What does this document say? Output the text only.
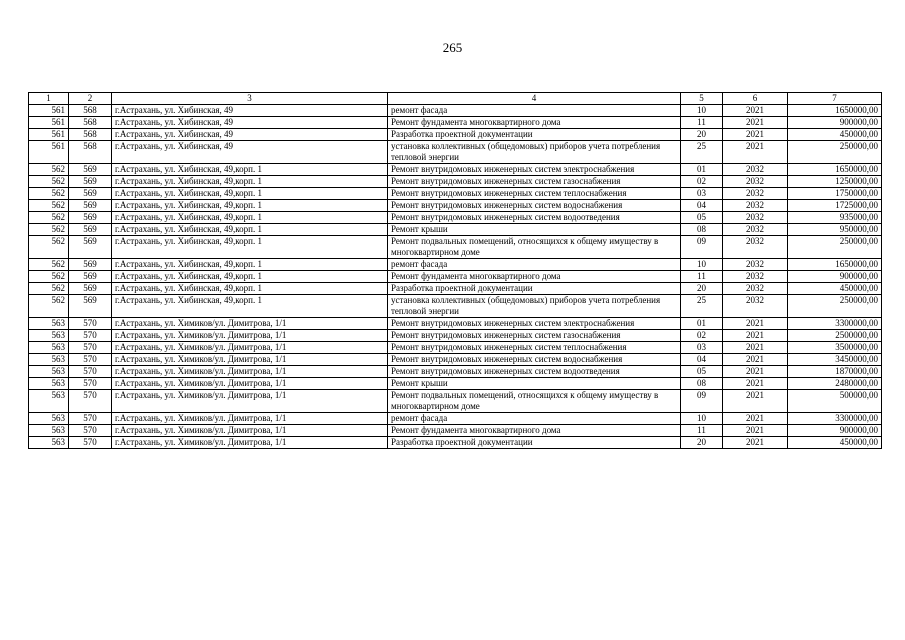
265
1	2	3	4	5	6	7
561	568	г.Астрахань, ул. Хибинская, 49	ремонт фасада	10	2021	1650000,00
561	568	г.Астрахань, ул. Хибинская, 49	Ремонт фундамента многоквартирного дома	11	2021	900000,00
561	568	г.Астрахань, ул. Хибинская, 49	Разработка проектной документации	20	2021	450000,00
561	568	г.Астрахань, ул. Хибинская, 49	установка коллективных (общедомовых) приборов учета потребления тепловой энергии	25	2021	250000,00
562	569	г.Астрахань, ул. Хибинская, 49,корп. 1	Ремонт внутридомовых инженерных систем электроснабжения	01	2032	1650000,00
562	569	г.Астрахань, ул. Хибинская, 49,корп. 1	Ремонт внутридомовых инженерных систем газоснабжения	02	2032	1250000,00
562	569	г.Астрахань, ул. Хибинская, 49,корп. 1	Ремонт внутридомовых инженерных систем теплоснабжения	03	2032	1750000,00
562	569	г.Астрахань, ул. Хибинская, 49,корп. 1	Ремонт внутридомовых инженерных систем водоснабжения	04	2032	1725000,00
562	569	г.Астрахань, ул. Хибинская, 49,корп. 1	Ремонт внутридомовых инженерных систем водоотведения	05	2032	935000,00
562	569	г.Астрахань, ул. Хибинская, 49,корп. 1	Ремонт крыши	08	2032	950000,00
562	569	г.Астрахань, ул. Хибинская, 49,корп. 1	Ремонт подвальных помещений, относящихся к общему имуществу в многоквартирном доме	09	2032	250000,00
562	569	г.Астрахань, ул. Хибинская, 49,корп. 1	ремонт фасада	10	2032	1650000,00
562	569	г.Астрахань, ул. Хибинская, 49,корп. 1	Ремонт фундамента многоквартирного дома	11	2032	900000,00
562	569	г.Астрахань, ул. Хибинская, 49,корп. 1	Разработка проектной документации	20	2032	450000,00
562	569	г.Астрахань, ул. Хибинская, 49,корп. 1	установка коллективных (общедомовых) приборов учета потребления тепловой энергии	25	2032	250000,00
563	570	г.Астрахань, ул. Химиков/ул. Димитрова, 1/1	Ремонт внутридомовых инженерных систем электроснабжения	01	2021	3300000,00
563	570	г.Астрахань, ул. Химиков/ул. Димитрова, 1/1	Ремонт внутридомовых инженерных систем газоснабжения	02	2021	2500000,00
563	570	г.Астрахань, ул. Химиков/ул. Димитрова, 1/1	Ремонт внутридомовых инженерных систем теплоснабжения	03	2021	3500000,00
563	570	г.Астрахань, ул. Химиков/ул. Димитрова, 1/1	Ремонт внутридомовых инженерных систем водоснабжения	04	2021	3450000,00
563	570	г.Астрахань, ул. Химиков/ул. Димитрова, 1/1	Ремонт внутридомовых инженерных систем водоотведения	05	2021	1870000,00
563	570	г.Астрахань, ул. Химиков/ул. Димитрова, 1/1	Ремонт крыши	08	2021	2480000,00
563	570	г.Астрахань, ул. Химиков/ул. Димитрова, 1/1	Ремонт подвальных помещений, относящихся к общему имуществу в многоквартирном доме	09	2021	500000,00
563	570	г.Астрахань, ул. Химиков/ул. Димитрова, 1/1	ремонт фасада	10	2021	3300000,00
563	570	г.Астрахань, ул. Химиков/ул. Димитрова, 1/1	Ремонт фундамента многоквартирного дома	11	2021	900000,00
563	570	г.Астрахань, ул. Химиков/ул. Димитрова, 1/1	Разработка проектной документации	20	2021	450000,00
